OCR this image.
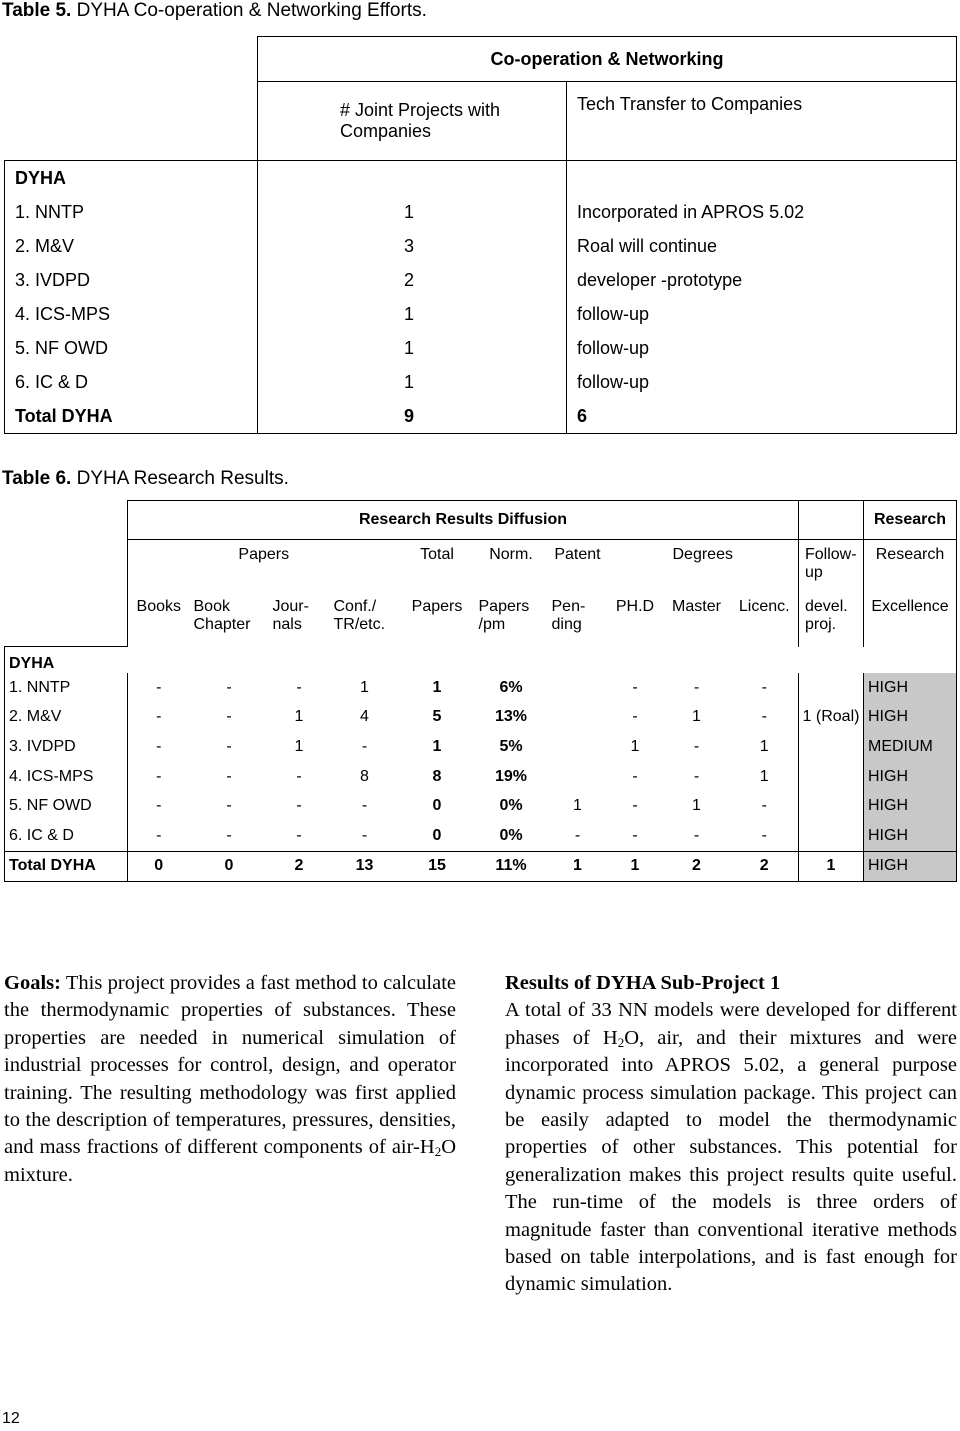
Table 5. DYHA Co-operation & Networking Efforts.
	Co-operation & Networking	
	# Joint Projects with Companies	Tech Transfer to Companies
DYHA		
1. NNTP	1	Incorporated in APROS 5.02
2. M&V	3	Roal will continue
3. IVDPD	2	developer -prototype
4. ICS-MPS	1	follow-up
5. NF OWD	1	follow-up
6. IC & D	1	follow-up
Total DYHA	9	6
Table 6. DYHA Research Results.
	Research Results Diffusion											Research
	Papers				Total	Norm.	Patent	Degrees			Follow-up	Research
	Books	Book Chapter	Jour-nals	Conf./ TR/etc.	Papers	Papers /pm	Pen-ding	PH.D	Master	Licenc.	devel. proj.	Excellence
DYHA												
1. NNTP	-	-	-	1	1	6%		-	-	-		HIGH
2. M&V	-	-	1	4	5	13%		-	1	-	1 (Roal)	HIGH
3. IVDPD	-	-	1	-	1	5%		1	-	1		MEDIUM
4. ICS-MPS	-	-	-	8	8	19%		-	-	1		HIGH
5. NF OWD	-	-	-	-	0	0%	1	-	1	-		HIGH
6. IC & D	-	-	-	-	0	0%	-	-	-	-		HIGH
Total DYHA	0	0	2	13	15	11%	1	1	2	2	1	HIGH
Goals: This project provides a fast method to calculate the thermodynamic properties of substances. These properties are needed in numerical simulation of industrial processes for control, design, and operator training. The resulting methodology was first applied to the description of temperatures, pressures, densities, and mass fractions of different components of air-$H_2O$ mixture.
Results of DYHA Sub-Project 1
A total of 33 NN models were developed for different phases of $H_2O$, air, and their mixtures and were incorporated into APROS 5.02, a general purpose dynamic process simulation package. This project can be easily adapted to model the thermodynamic properties of other substances. This potential for generalization makes this project results quite useful. The run-time of the models is three orders of magnitude faster than conventional iterative methods based on table interpolations, and is fast enough for dynamic simulation.
12
